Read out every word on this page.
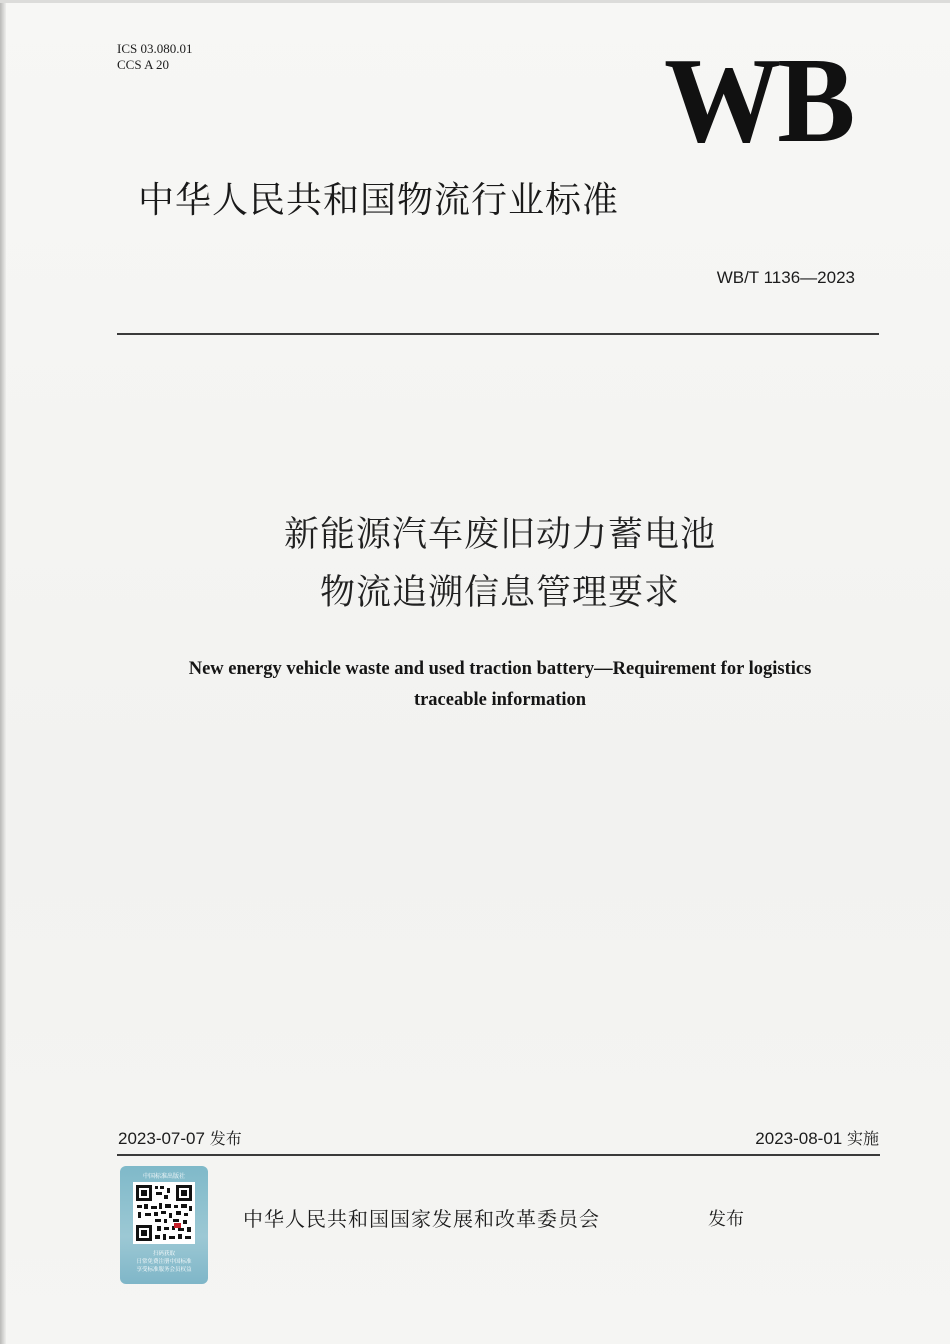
ICS 03.080.01
CCS A 20	WB
中华人民共和国物流行业标准
WB/T 1136—2023
新能源汽车废旧动力蓄电池
物流追溯信息管理要求
New energy vehicle waste and used traction battery—Requirement for logistics
traceable information
2023-07-07 发布	2023-08-01 实施
中国标准出版社
扫码获取
日常免费注册中国标准
享受标准服务会员权益
中华人民共和国国家发展和改革委员会	发布
